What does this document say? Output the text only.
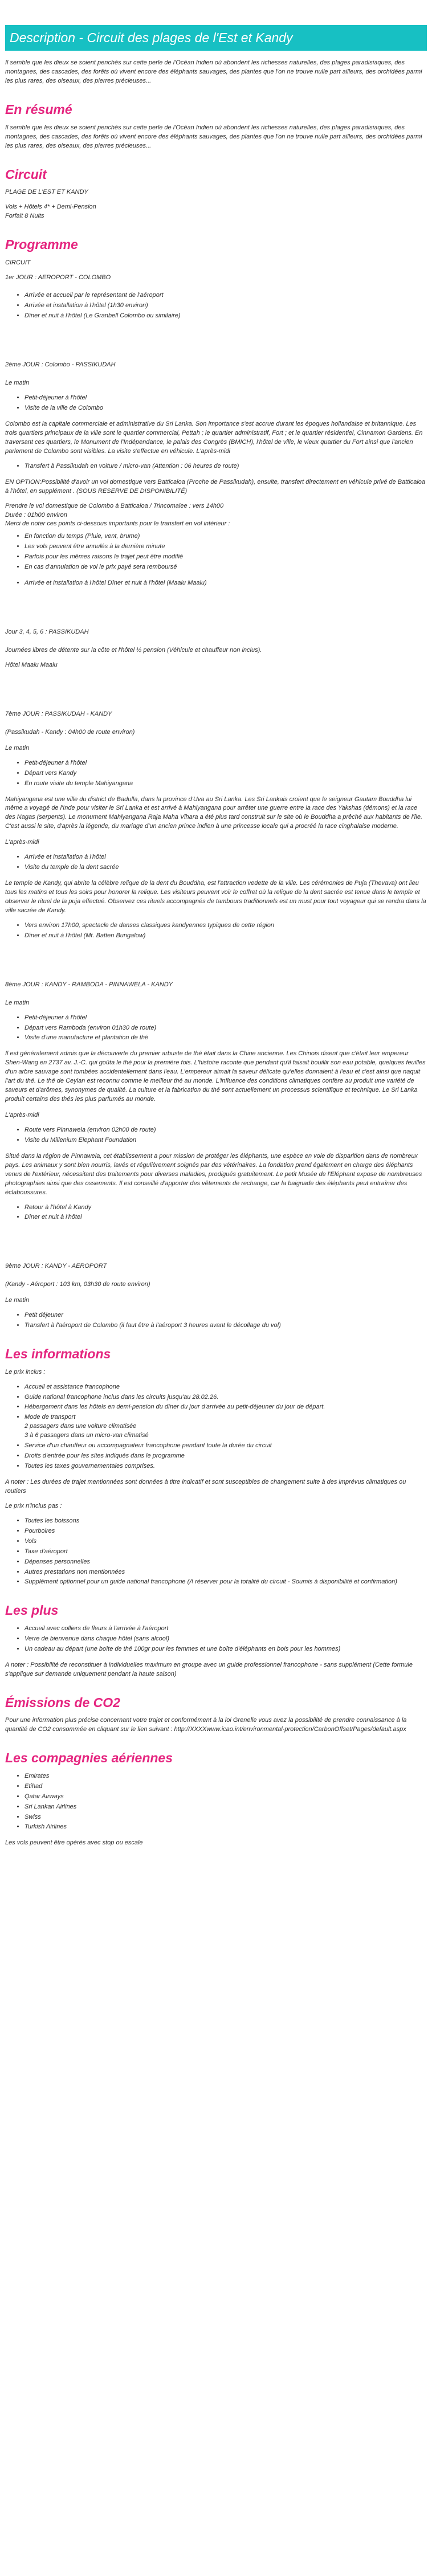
Description - Circuit des plages de l'Est et Kandy

Il semble que les dieux se soient penchés sur cette perle de l'Océan Indien où abondent les richesses naturelles, des plages paradisiaques, des montagnes, des cascades, des forêts où vivent encore des éléphants sauvages, des plantes que l'on ne trouve nulle part ailleurs, des orchidées parmi les plus rares, des oiseaux, des pierres précieuses...

En résumé

Il semble que les dieux se soient penchés sur cette perle de l'Océan Indien où abondent les richesses naturelles, des plages paradisiaques, des montagnes, des cascades, des forêts où vivent encore des éléphants sauvages, des plantes que l'on ne trouve nulle part ailleurs, des orchidées parmi les plus rares, des oiseaux, des pierres précieuses...

Circuit

PLAGE DE L'EST ET KANDY

Vols + Hôtels 4* + Demi-Pension

Forfait 8 Nuits

Programme

CIRCUIT

1er JOUR : AEROPORT - COLOMBO

• Arrivée et accueil par le représentant de l'aéroport
• Arrivée et installation à l'hôtel (1h30 environ)
• Dîner et nuit à l'hôtel (Le Granbell Colombo ou similaire)

2ème JOUR : Colombo - PASSIKUDAH

Le matin

• Petit-déjeuner à l'hôtel
• Visite de la ville de Colombo

Colombo est la capitale commerciale et administrative du Sri Lanka. Son importance s'est accrue durant les époques hollandaise et britannique. Les trois quartiers principaux de la ville sont le quartier commercial, Pettah ; le quartier administratif, Fort ; et le quartier résidentiel, Cinnamon Gardens. En traversant ces quartiers, le Monument de l'Indépendance, le palais des Congrès (BMICH), l'hôtel de ville, le vieux quartier du Fort ainsi que l'ancien parlement de Colombo sont visibles. La visite s'effectue en véhicule. L'après-midi

• Transfert à Passikudah en voiture / micro-van (Attention : 06 heures de route)

EN OPTION:Possibilité d'avoir un vol domestique vers Batticaloa (Proche de Passikudah), ensuite, transfert directement en véhicule privé de Batticaloa à l'hôtel, en supplément . (SOUS RESERVE DE DISPONIBILITÉ)

Prendre le vol domestique de Colombo à Batticaloa / Trincomalee : vers 14h00

Durée : 01h00 environ

Merci de noter ces points ci-dessous importants pour le transfert en vol intérieur :

• En fonction du temps (Pluie, vent, brume)
• Les vols peuvent être annulés à la dernière minute
• Parfois pour les mêmes raisons le trajet peut être modifié
• En cas d'annulation de vol le prix payé sera remboursé
• Arrivée et installation à l'hôtel Dîner et nuit à l'hôtel (Maalu Maalu)

Jour 3, 4, 5, 6 : PASSIKUDAH

Journées libres de détente sur la côte et l'hôtel ½ pension (Véhicule et chauffeur non inclus).

Hôtel Maalu Maalu

7ème JOUR : PASSIKUDAH - KANDY

(Passikudah - Kandy : 04h00 de route environ)

Le matin

• Petit-déjeuner à l'hôtel
• Départ vers Kandy
• En route visite du temple Mahiyangana

Mahiyangana est une ville du district de Badulla, dans la province d'Uva au Sri Lanka. Les Sri Lankais croient que le seigneur Gautam Bouddha lui même a voyagé de l'Inde pour visiter le Sri Lanka et est arrivé à Mahiyangana pour arrêter une guerre entre la race des Yakshas (démons) et la race des Nagas (serpents). Le monument Mahiyangana Raja Maha Vihara a été plus tard construit sur le site où le Bouddha a prêché aux habitants de l'île. C'est aussi le site, d'après la légende, du mariage d'un ancien prince indien à une princesse locale qui a procréé la race cinghalaise moderne.

L'après-midi

• Arrivée et installation à l'hôtel
• Visite du temple de la dent sacrée

Le temple de Kandy, qui abrite la célèbre relique de la dent du Bouddha, est l'attraction vedette de la ville. Les cérémonies de Puja (Thevava) ont lieu tous les matins et tous les soirs pour honorer la relique. Les visiteurs peuvent voir le coffret où la relique de la dent sacrée est tenue dans le temple et observer le rituel de la puja effectué. Observez ces rituels accompagnés de tambours traditionnels est un must pour tout voyageur qui se rendra dans la ville sacrée de Kandy.

• Vers environ 17h00, spectacle de danses classiques kandyennes typiques de cette région
• Dîner et nuit à l'hôtel (Mt. Batten Bungalow)

8ème JOUR : KANDY - RAMBODA - PINNAWELA - KANDY

Le matin

• Petit-déjeuner à l'hôtel
• Départ vers Ramboda (environ 01h30 de route)
• Visite d'une manufacture et plantation de thé

Il est généralement admis que la découverte du premier arbuste de thé était dans la Chine ancienne. Les Chinois disent que c'était leur empereur Shen-Wang en 2737 av. J.-C. qui goûta le thé pour la première fois. L'histoire raconte que pendant qu'il faisait bouillir son eau potable, quelques feuilles d'un arbre sauvage sont tombées accidentellement dans l'eau. L'empereur aimait la saveur délicate qu'elles donnaient à l'eau et c'est ainsi que naquit l'art du thé. Le thé de Ceylan est reconnu comme le meilleur thé au monde. L'influence des conditions climatiques confère au produit une variété de saveurs et d'arômes, synonymes de qualité. La culture et la fabrication du thé sont actuellement un processus scientifique et technique. Le Sri Lanka produit certains des thés les plus parfumés au monde.

L'après-midi

• Route vers Pinnawela (environ 02h00 de route)
• Visite du Millenium Elephant Foundation

Situé dans la région de Pinnawela, cet établissement a pour mission de protéger les éléphants, une espèce en voie de disparition dans de nombreux pays. Les animaux y sont bien nourris, lavés et régulièrement soignés par des vétérinaires. La fondation prend également en charge des éléphants venus de l'extérieur, nécessitant des traitements pour diverses maladies, prodigués gratuitement. Le petit Musée de l'Eléphant expose de nombreuses photographies ainsi que des ossements. Il est conseillé d'apporter des vêtements de rechange, car la baignade des éléphants peut entraîner des éclaboussures.

• Retour à l'hôtel à Kandy
• Dîner et nuit à l'hôtel

9ème JOUR : KANDY - AEROPORT

(Kandy - Aéroport : 103 km, 03h30 de route environ)

Le matin

• Petit déjeuner
• Transfert à l'aéroport de Colombo (il faut être à l'aéroport 3 heures avant le décollage du vol)
Les informations

Le prix inclus :

• Accueil et assistance francophone
• Guide national francophone inclus dans les circuits jusqu'au 28.02.26.
• Hébergement dans les hôtels en demi-pension du dîner du jour d'arrivée au petit-déjeuner du jour de départ.
• Mode de transport
2 passagers dans une voiture climatisée
3 à 6 passagers dans un micro-van climatisé
• Service d'un chauffeur ou accompagnateur francophone pendant toute la durée du circuit
• Droits d'entrée pour les sites indiqués dans le programme
• Toutes les taxes gouvernementales comprises.

A noter : Les durées de trajet mentionnées sont données à titre indicatif et sont susceptibles de changement suite à des imprévus climatiques ou routiers

Le prix n'inclus pas :

• Toutes les boissons
• Pourboires
• Vols
• Taxe d'aéroport
• Dépenses personnelles
• Autres prestations non mentionnées
• Supplément optionnel pour un guide national francophone (A réserver pour la totalité du circuit - Soumis à disponibilité et confirmation)
Les plus
• Accueil avec colliers de fleurs à l'arrivée à l'aéroport
• Verre de bienvenue dans chaque hôtel (sans alcool)
• Un cadeau au départ (une boîte de thé 100gr pour les femmes et une boîte d'éléphants en bois pour les hommes)

A noter : Possibilité de reconstituer à individuelles maximum en groupe avec un guide professionnel francophone - sans supplément (Cette formule s'applique sur demande uniquement pendant la haute saison)

Émissions de CO2

Pour une information plus précise concernant votre trajet et conformément à la loi Grenelle vous avez la possibilité de prendre connaissance à la quantité de CO2 consommée en cliquant sur le lien suivant : http://XXXXwww.icao.int/environmental-protection/CarbonOffset/Pages/default.aspx

Les compagnies aériennes
• Emirates
• Etihad
• Qatar Airways
• Sri Lankan Airlines
• Swiss
• Turkish Airlines

Les vols peuvent être opérés avec stop ou escale
